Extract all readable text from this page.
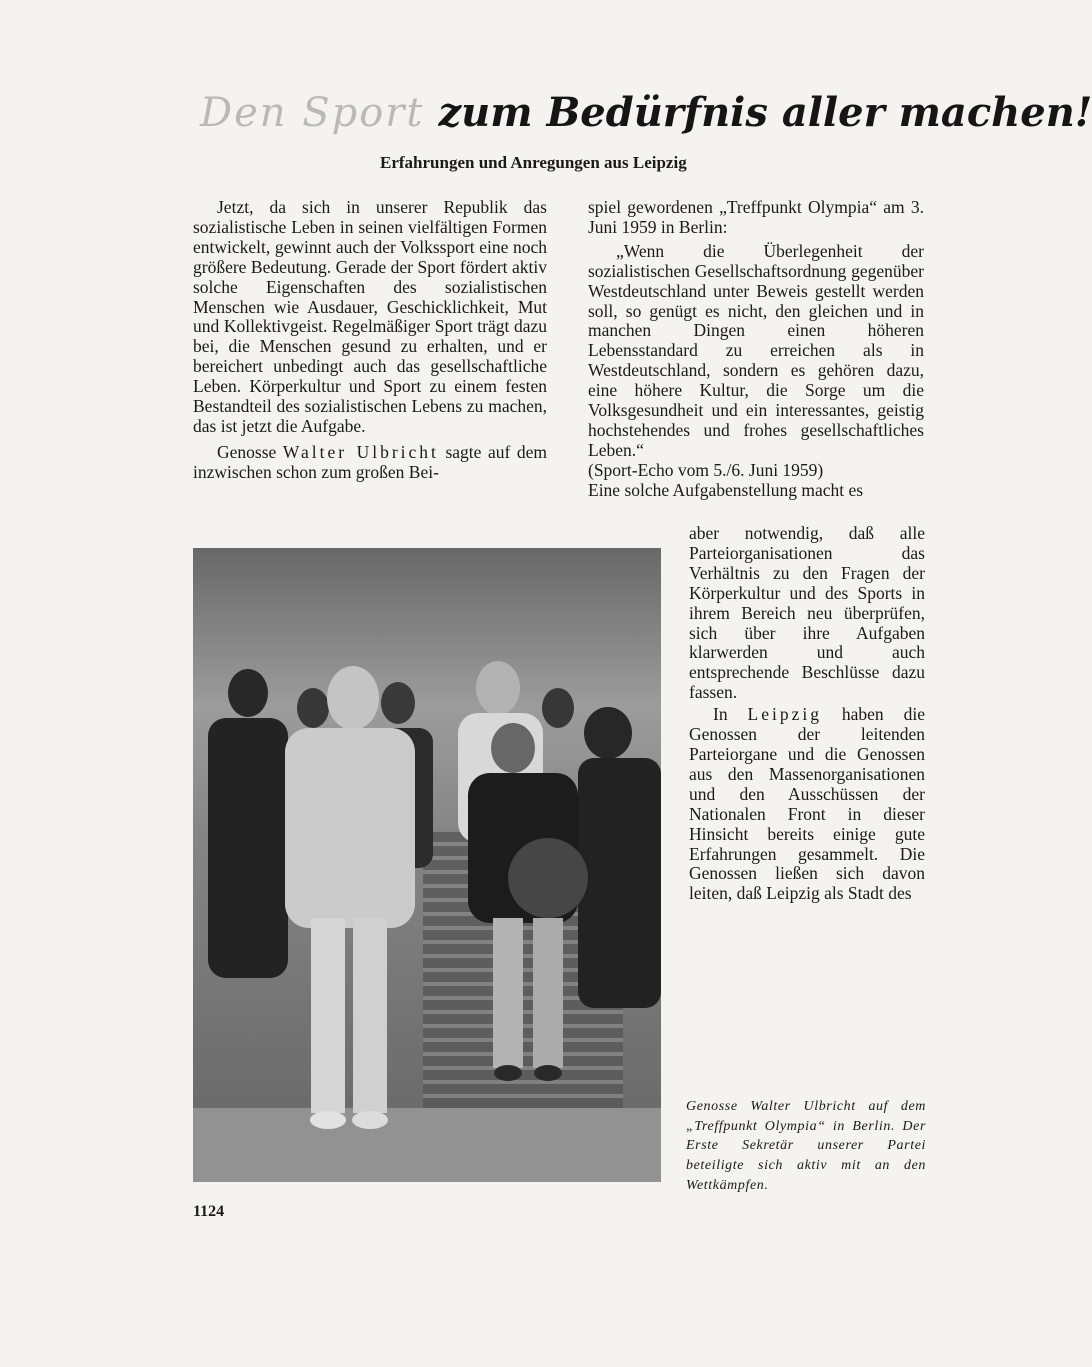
Den Sport zum Bedürfnis aller machen!
Erfahrungen und Anregungen aus Leipzig

Jetzt, da sich in unserer Republik das sozialistische Leben in seinen vielfältigen Formen entwickelt, gewinnt auch der Volkssport eine noch größere Bedeutung. Gerade der Sport fördert aktiv solche Eigenschaften des sozialistischen Menschen wie Ausdauer, Geschicklichkeit, Mut und Kollektivgeist. Regelmäßiger Sport trägt dazu bei, die Menschen gesund zu erhalten, und er bereichert unbedingt auch das gesellschaftliche Leben. Körperkultur und Sport zu einem festen Bestandteil des sozialistischen Lebens zu machen, das ist jetzt die Aufgabe.

Genosse Walter Ulbricht sagte auf dem inzwischen schon zum großen Bei-

spiel gewordenen „Treffpunkt Olympia“ am 3. Juni 1959 in Berlin:

„Wenn die Überlegenheit der sozialistischen Gesellschaftsordnung gegenüber Westdeutschland unter Beweis gestellt werden soll, so genügt es nicht, den gleichen und in manchen Dingen einen höheren Lebensstandard zu erreichen als in Westdeutschland, sondern es gehören dazu, eine höhere Kultur, die Sorge um die Volksgesundheit und ein interessantes, geistig hochstehendes und frohes gesellschaftliches Leben.“

(Sport-Echo vom 5./6. Juni 1959)

Eine solche Aufgabenstellung macht es

aber notwendig, daß alle Parteiorganisationen das Verhältnis zu den Fragen der Körperkultur und des Sports in ihrem Bereich neu überprüfen, sich über ihre Aufgaben klarwerden und auch entsprechende Beschlüsse dazu fassen.

In Leipzig haben die Genossen der leitenden Parteiorgane und die Genossen aus den Massenorganisationen und den Ausschüssen der Nationalen Front in dieser Hinsicht bereits einige gute Erfahrungen gesammelt. Die Genossen ließen sich davon leiten, daß Leipzig als Stadt des

Genosse Walter Ulbricht auf dem „Treffpunkt Olympia“ in Berlin. Der Erste Sekretär unserer Partei beteiligte sich aktiv mit an den Wettkämpfen.
1124
